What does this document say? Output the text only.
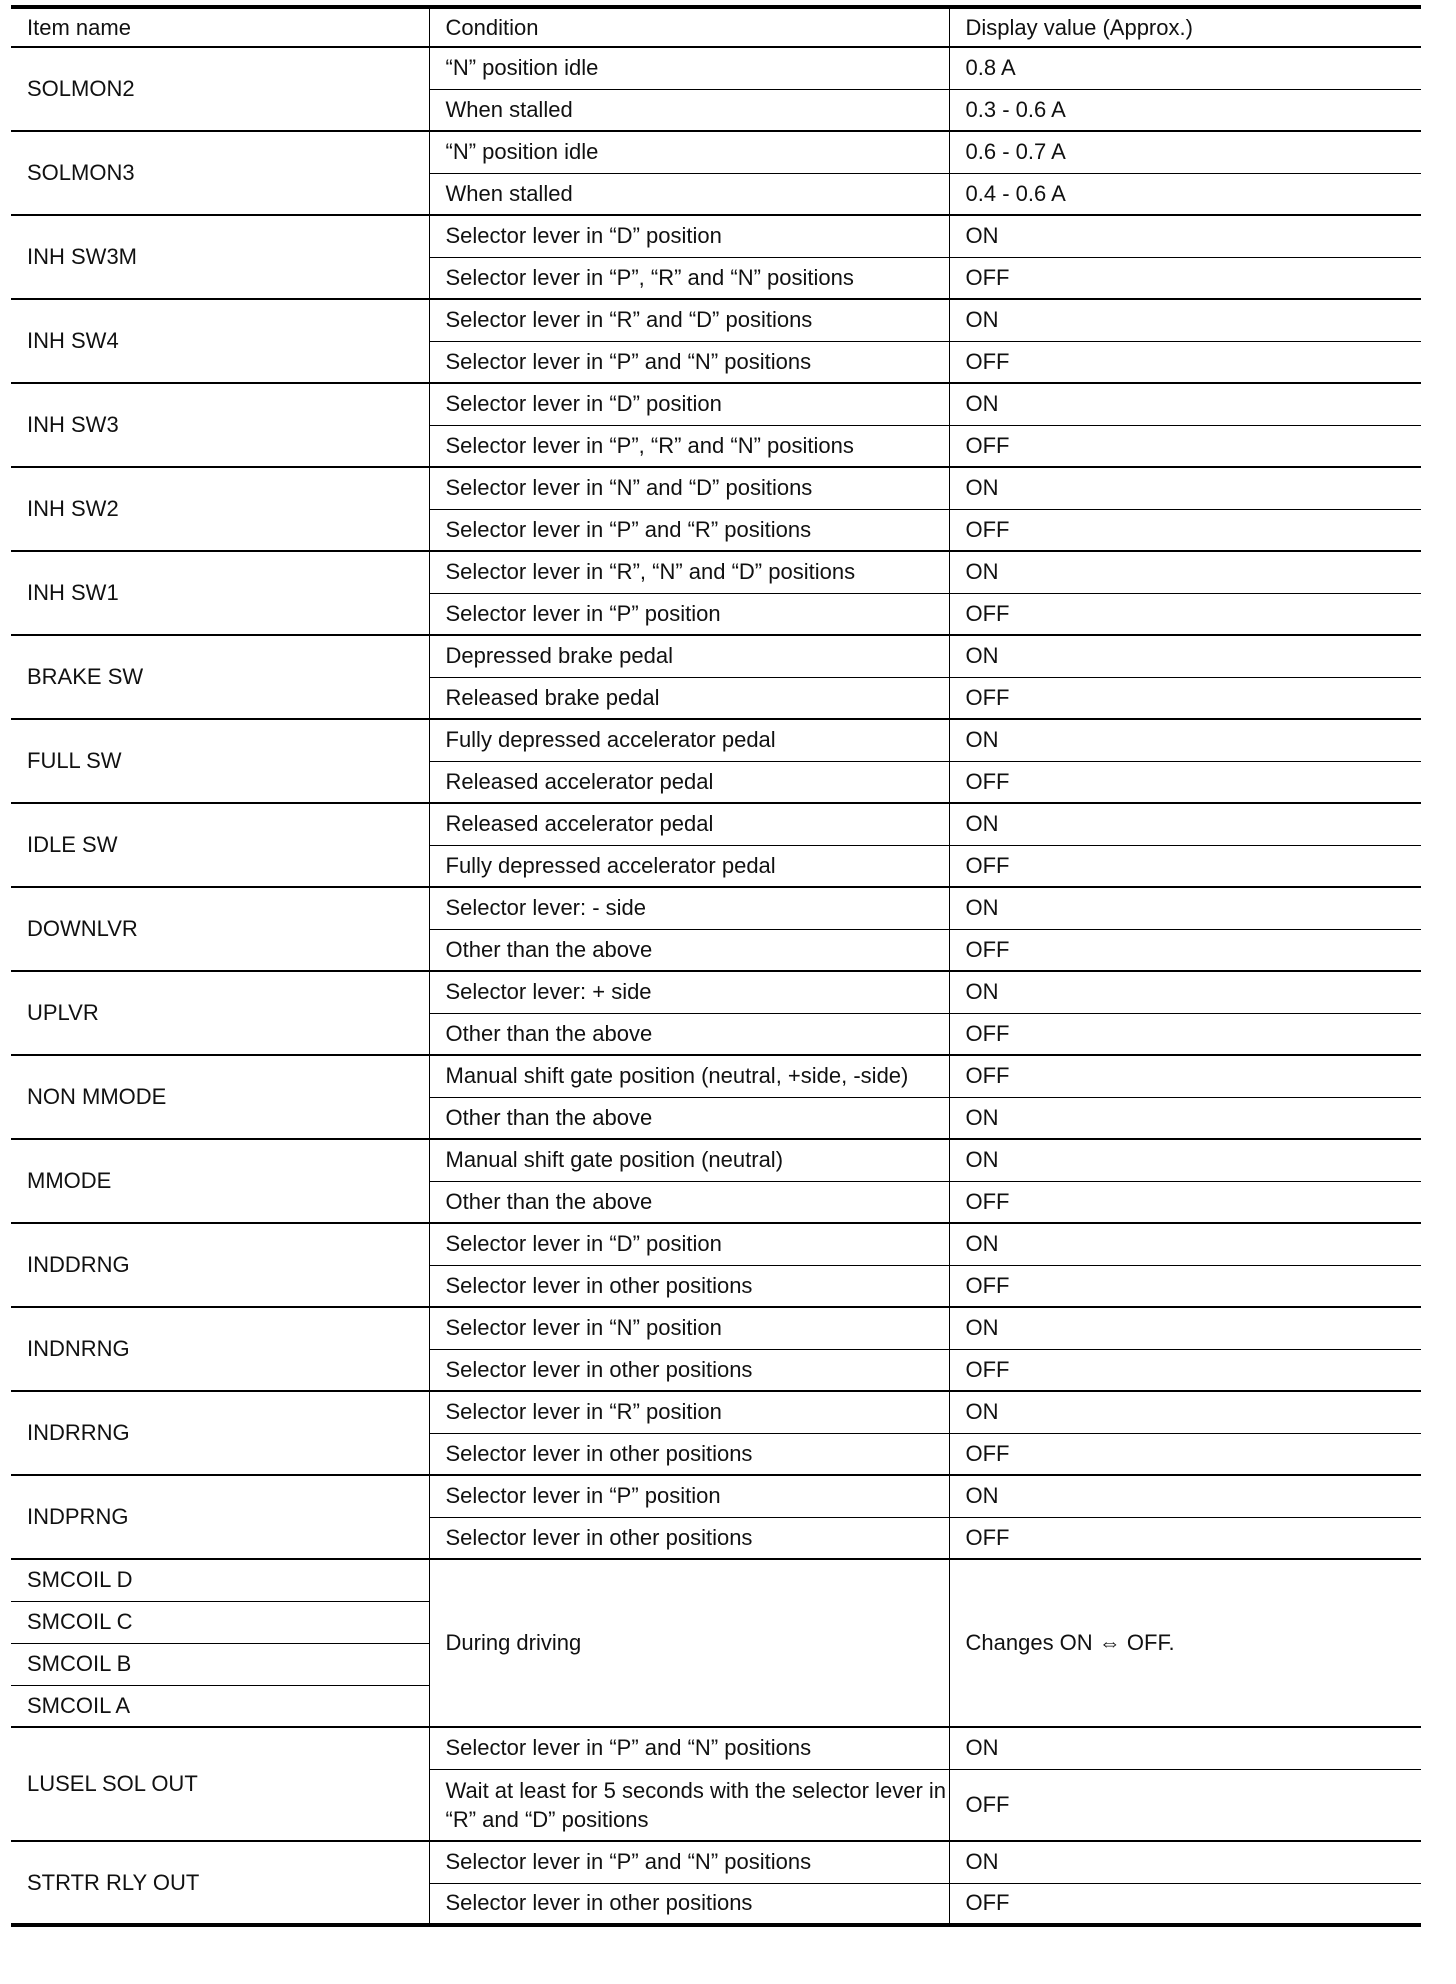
Item name	Condition	Display value (Approx.)
SOLMON2	“N” position idle	0.8 A
	When stalled	0.3 - 0.6 A
SOLMON3	“N” position idle	0.6 - 0.7 A
	When stalled	0.4 - 0.6 A
INH SW3M	Selector lever in “D” position	ON
	Selector lever in “P”, “R” and “N” positions	OFF
INH SW4	Selector lever in “R” and “D” positions	ON
	Selector lever in “P” and “N” positions	OFF
INH SW3	Selector lever in “D” position	ON
	Selector lever in “P”, “R” and “N” positions	OFF
INH SW2	Selector lever in “N” and “D” positions	ON
	Selector lever in “P” and “R” positions	OFF
INH SW1	Selector lever in “R”, “N” and “D” positions	ON
	Selector lever in “P” position	OFF
BRAKE SW	Depressed brake pedal	ON
	Released brake pedal	OFF
FULL SW	Fully depressed accelerator pedal	ON
	Released accelerator pedal	OFF
IDLE SW	Released accelerator pedal	ON
	Fully depressed accelerator pedal	OFF
DOWNLVR	Selector lever: - side	ON
	Other than the above	OFF
UPLVR	Selector lever: + side	ON
	Other than the above	OFF
NON MMODE	Manual shift gate position (neutral, +side, -side)	OFF
	Other than the above	ON
MMODE	Manual shift gate position (neutral)	ON
	Other than the above	OFF
INDDRNG	Selector lever in “D” position	ON
	Selector lever in other positions	OFF
INDNRNG	Selector lever in “N” position	ON
	Selector lever in other positions	OFF
INDRRNG	Selector lever in “R” position	ON
	Selector lever in other positions	OFF
INDPRNG	Selector lever in “P” position	ON
	Selector lever in other positions	OFF
SMCOIL D	During driving	Changes ON ⇔ OFF.
SMCOIL C		
SMCOIL B		
SMCOIL A		
LUSEL SOL OUT	Selector lever in “P” and “N” positions	ON
	Wait at least for 5 seconds with the selector lever in “R” and “D” positions	OFF
STRTR RLY OUT	Selector lever in “P” and “N” positions	ON
	Selector lever in other positions	OFF
